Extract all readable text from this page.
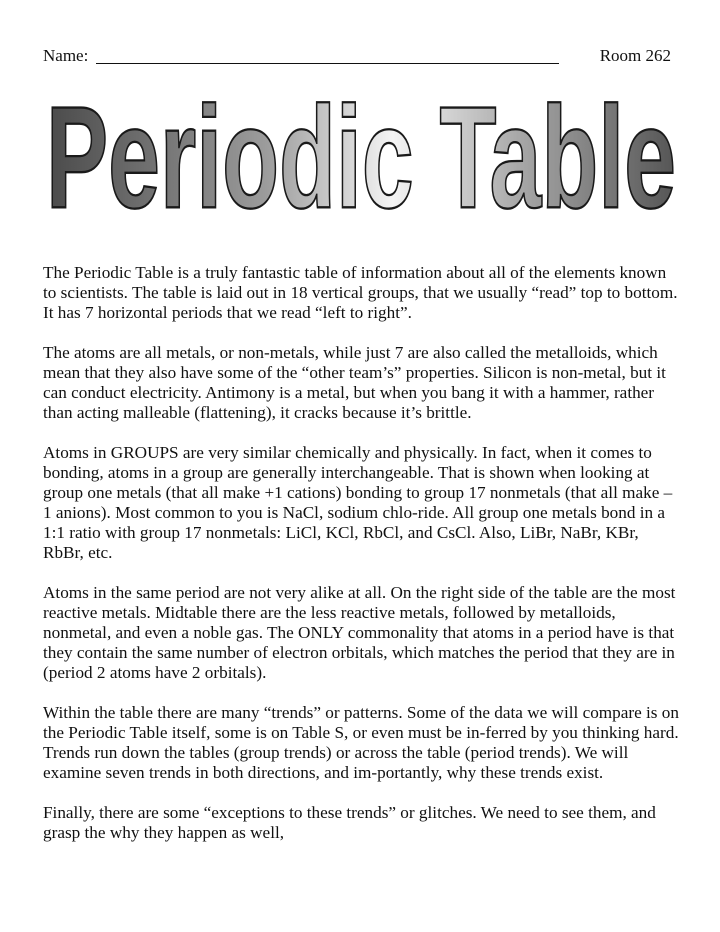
Name:	Room 262
Periodic Table

The Periodic Table is a truly fantastic table of information about all of the elements known to scientists. The table is laid out in 18 vertical groups, that we usually “read” top to bottom. It has 7 horizontal periods that we read “left to right”.

The atoms are all metals, or non-metals, while just 7 are also called the metalloids, which mean that they also have some of the “other team’s” properties. Silicon is non-metal, but it can conduct electricity. Antimony is a metal, but when you bang it with a hammer, rather than acting malleable (flattening), it cracks because it’s brittle.

Atoms in GROUPS are very similar chemically and physically. In fact, when it comes to bonding, atoms in a group are generally interchangeable. That is shown when looking at group one metals (that all make +1 cations) bonding to group 17 nonmetals (that all make –1 anions). Most common to you is NaCl, sodium chlo-ride. All group one metals bond in a 1:1 ratio with group 17 nonmetals: LiCl, KCl, RbCl, and CsCl. Also, LiBr, NaBr, KBr, RbBr, etc.

Atoms in the same period are not very alike at all. On the right side of the table are the most reactive metals. Midtable there are the less reactive metals, followed by metalloids, nonmetal, and even a noble gas. The ONLY commonality that atoms in a period have is that they contain the same number of electron orbitals, which matches the period that they are in (period 2 atoms have 2 orbitals).

Within the table there are many “trends” or patterns. Some of the data we will compare is on the Periodic Table itself, some is on Table S, or even must be in-ferred by you thinking hard. Trends run down the tables (group trends) or across the table (period trends). We will examine seven trends in both directions, and im-portantly, why these trends exist.

Finally, there are some “exceptions to these trends” or glitches. We need to see them, and grasp the why they happen as well,
